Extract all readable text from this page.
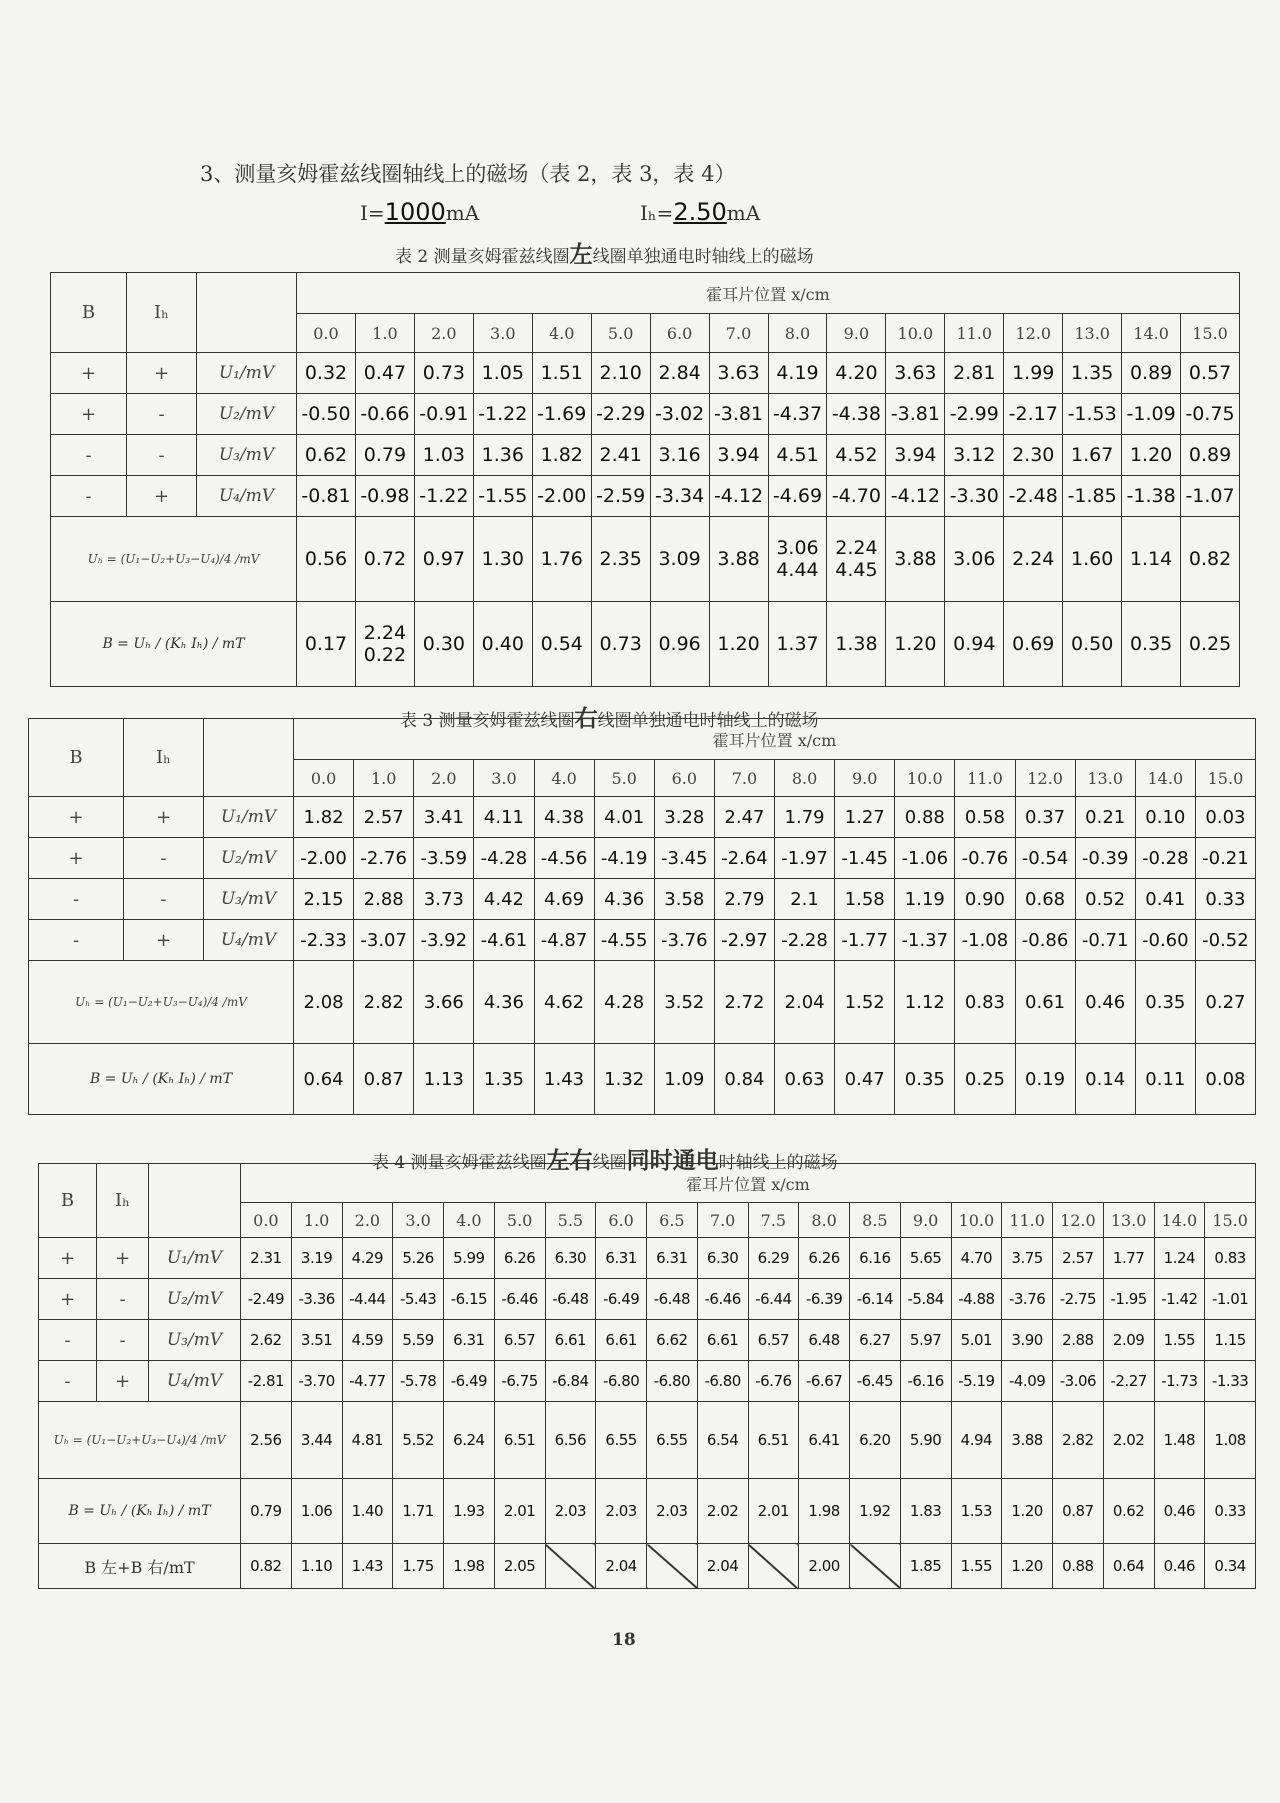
3、测量亥姆霍兹线圈轴线上的磁场（表 2，表 3，表 4）
I=1000mA	Iₕ=2.50mA
表 2 测量亥姆霍兹线圈左线圈单独通电时轴线上的磁场
B	Iₕ		霍耳片位置 x/cm															
			0.0	1.0	2.0	3.0	4.0	5.0	6.0	7.0	8.0	9.0	10.0	11.0	12.0	13.0	14.0	15.0
+	+	U₁/mV	0.32	0.47	0.73	1.05	1.51	2.10	2.84	3.63	4.19	4.20	3.63	2.81	1.99	1.35	0.89	0.57
+	-	U₂/mV	-0.50	-0.66	-0.91	-1.22	-1.69	-2.29	-3.02	-3.81	-4.37	-4.38	-3.81	-2.99	-2.17	-1.53	-1.09	-0.75
-	-	U₃/mV	0.62	0.79	1.03	1.36	1.82	2.41	3.16	3.94	4.51	4.52	3.94	3.12	2.30	1.67	1.20	0.89
-	+	U₄/mV	-0.81	-0.98	-1.22	-1.55	-2.00	-2.59	-3.34	-4.12	-4.69	-4.70	-4.12	-3.30	-2.48	-1.85	-1.38	-1.07
Uₕ = (U₁−U₂+U₃−U₄)/4 /mV			0.56	0.72	0.97	1.30	1.76	2.35	3.09	3.88	3.06 4.44	2.24 4.45	3.88	3.06	2.24	1.60	1.14	0.82
B = Uₕ / (Kₕ Iₕ) / mT			0.17	2.24 0.22	0.30	0.40	0.54	0.73	0.96	1.20	1.37	1.38	1.20	0.94	0.69	0.50	0.35	0.25
表 3 测量亥姆霍兹线圈右线圈单独通电时轴线上的磁场
B	Iₕ		霍耳片位置 x/cm															
			0.0	1.0	2.0	3.0	4.0	5.0	6.0	7.0	8.0	9.0	10.0	11.0	12.0	13.0	14.0	15.0
+	+	U₁/mV	1.82	2.57	3.41	4.11	4.38	4.01	3.28	2.47	1.79	1.27	0.88	0.58	0.37	0.21	0.10	0.03
+	-	U₂/mV	-2.00	-2.76	-3.59	-4.28	-4.56	-4.19	-3.45	-2.64	-1.97	-1.45	-1.06	-0.76	-0.54	-0.39	-0.28	-0.21
-	-	U₃/mV	2.15	2.88	3.73	4.42	4.69	4.36	3.58	2.79	2.1	1.58	1.19	0.90	0.68	0.52	0.41	0.33
-	+	U₄/mV	-2.33	-3.07	-3.92	-4.61	-4.87	-4.55	-3.76	-2.97	-2.28	-1.77	-1.37	-1.08	-0.86	-0.71	-0.60	-0.52
Uₕ = (U₁−U₂+U₃−U₄)/4 /mV			2.08	2.82	3.66	4.36	4.62	4.28	3.52	2.72	2.04	1.52	1.12	0.83	0.61	0.46	0.35	0.27
B = Uₕ / (Kₕ Iₕ) / mT			0.64	0.87	1.13	1.35	1.43	1.32	1.09	0.84	0.63	0.47	0.35	0.25	0.19	0.14	0.11	0.08
表 4 测量亥姆霍兹线圈左右线圈同时通电时轴线上的磁场
B	Iₕ		霍耳片位置 x/cm																			
			0.0	1.0	2.0	3.0	4.0	5.0	5.5	6.0	6.5	7.0	7.5	8.0	8.5	9.0	10.0	11.0	12.0	13.0	14.0	15.0
+	+	U₁/mV	2.31	3.19	4.29	5.26	5.99	6.26	6.30	6.31	6.31	6.30	6.29	6.26	6.16	5.65	4.70	3.75	2.57	1.77	1.24	0.83
+	-	U₂/mV	-2.49	-3.36	-4.44	-5.43	-6.15	-6.46	-6.48	-6.49	-6.48	-6.46	-6.44	-6.39	-6.14	-5.84	-4.88	-3.76	-2.75	-1.95	-1.42	-1.01
-	-	U₃/mV	2.62	3.51	4.59	5.59	6.31	6.57	6.61	6.61	6.62	6.61	6.57	6.48	6.27	5.97	5.01	3.90	2.88	2.09	1.55	1.15
-	+	U₄/mV	-2.81	-3.70	-4.77	-5.78	-6.49	-6.75	-6.84	-6.80	-6.80	-6.80	-6.76	-6.67	-6.45	-6.16	-5.19	-4.09	-3.06	-2.27	-1.73	-1.33
Uₕ = (U₁−U₂+U₃−U₄)/4 /mV			2.56	3.44	4.81	5.52	6.24	6.51	6.56	6.55	6.55	6.54	6.51	6.41	6.20	5.90	4.94	3.88	2.82	2.02	1.48	1.08
B = Uₕ / (Kₕ Iₕ) / mT			0.79	1.06	1.40	1.71	1.93	2.01	2.03	2.03	2.03	2.02	2.01	1.98	1.92	1.83	1.53	1.20	0.87	0.62	0.46	0.33
B 左+B 右/mT			0.82	1.10	1.43	1.75	1.98	2.05		2.04		2.04		2.00		1.85	1.55	1.20	0.88	0.64	0.46	0.34
18
